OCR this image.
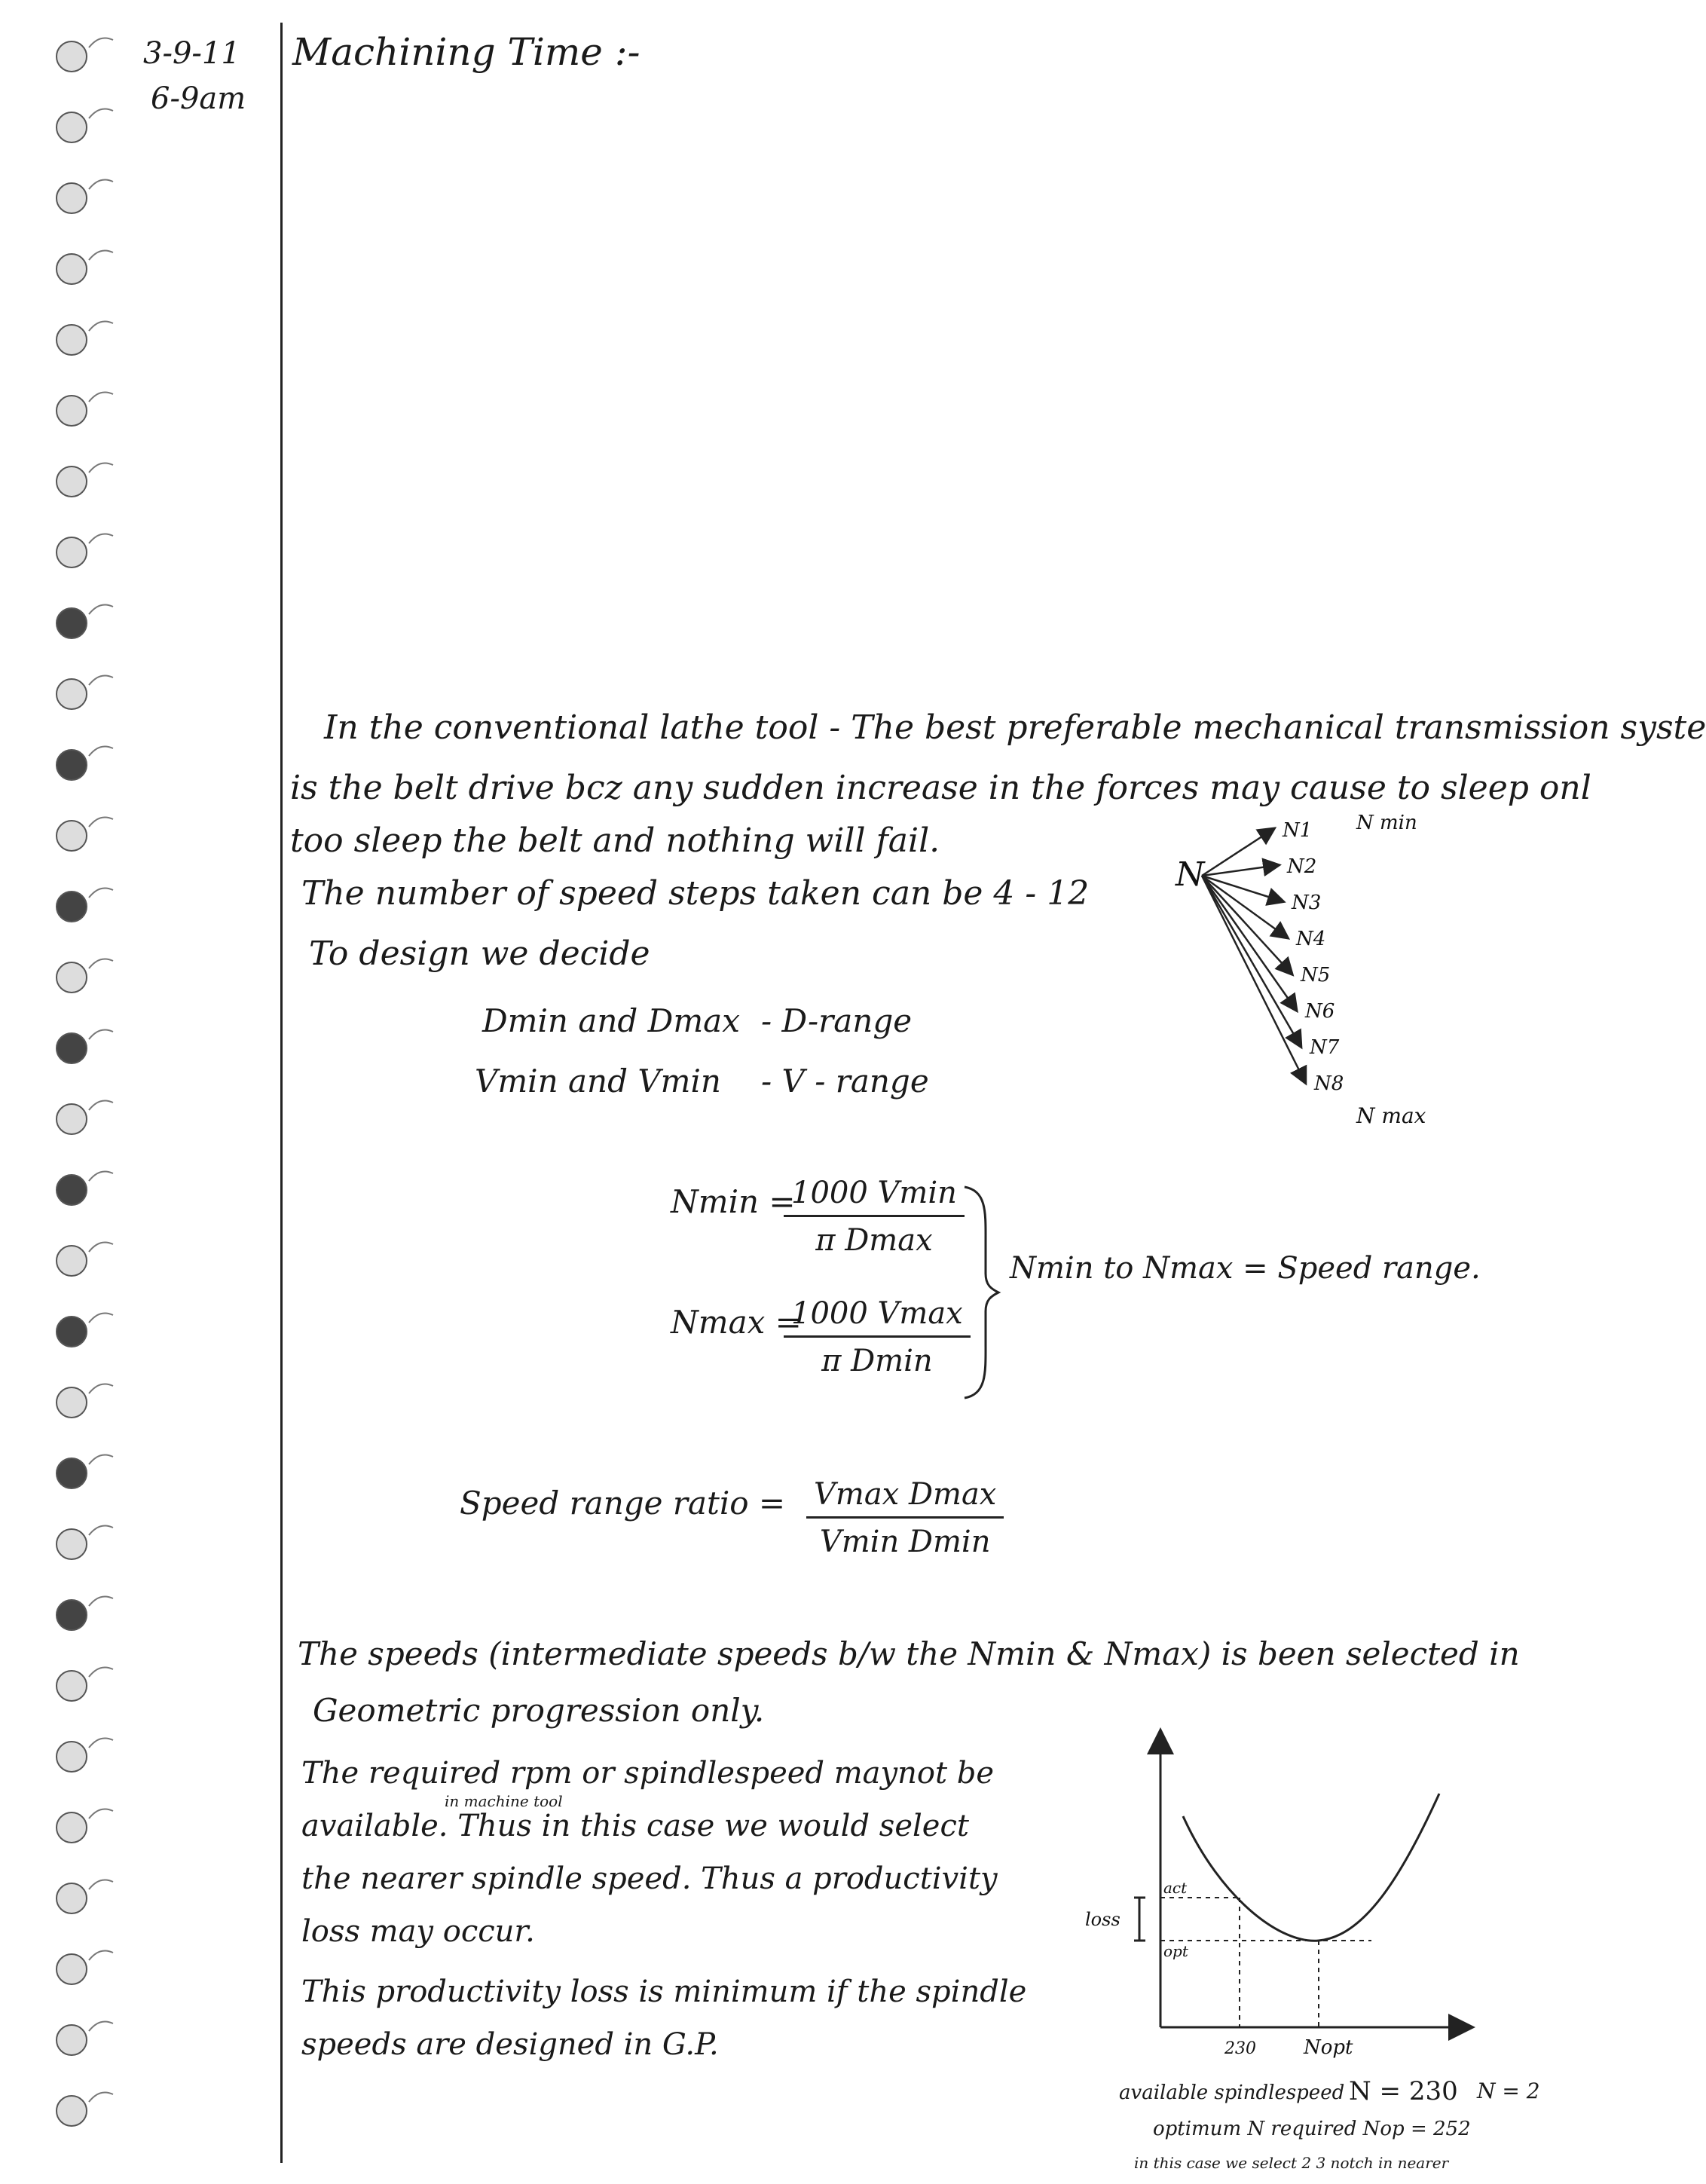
3-9-11
6-9am
Machining Time :-
In the conventional lathe tool - The best preferable mechanical transmission syste
is the belt drive bcz any sudden increase in the forces may cause to sleep onl
too sleep the belt and nothing will fail.
The number of speed steps taken can be 4 - 12
To design we decide
Dmin and Dmax - D-range
Vmin and Vmin - V - range
N
N1
N2
N3
N4
N5
N6
N7
N8
N min
N max
Nmin =
1000 Vmin
π Dmax
Nmax =
1000 Vmax
π Dmin
Nmin to Nmax = Speed range.
Speed range ratio = Vmax Dmax
Vmin Dmin
The speeds (intermediate speeds b/w the Nmin & Nmax) is been selected in
Geometric progression only.
The required rpm or spindlespeed maynot be
in machine tool
available. Thus in this case we would select
the nearer spindle speed. Thus a productivity
loss may occur.
This productivity loss is minimum if the spindle
speeds are designed in G.P.
loss
act
opt
230 Nopt
available spindlespeed N = 230 N = 2
optimum N required Nop = 252
in this case we select 2 3 notch in nearer
